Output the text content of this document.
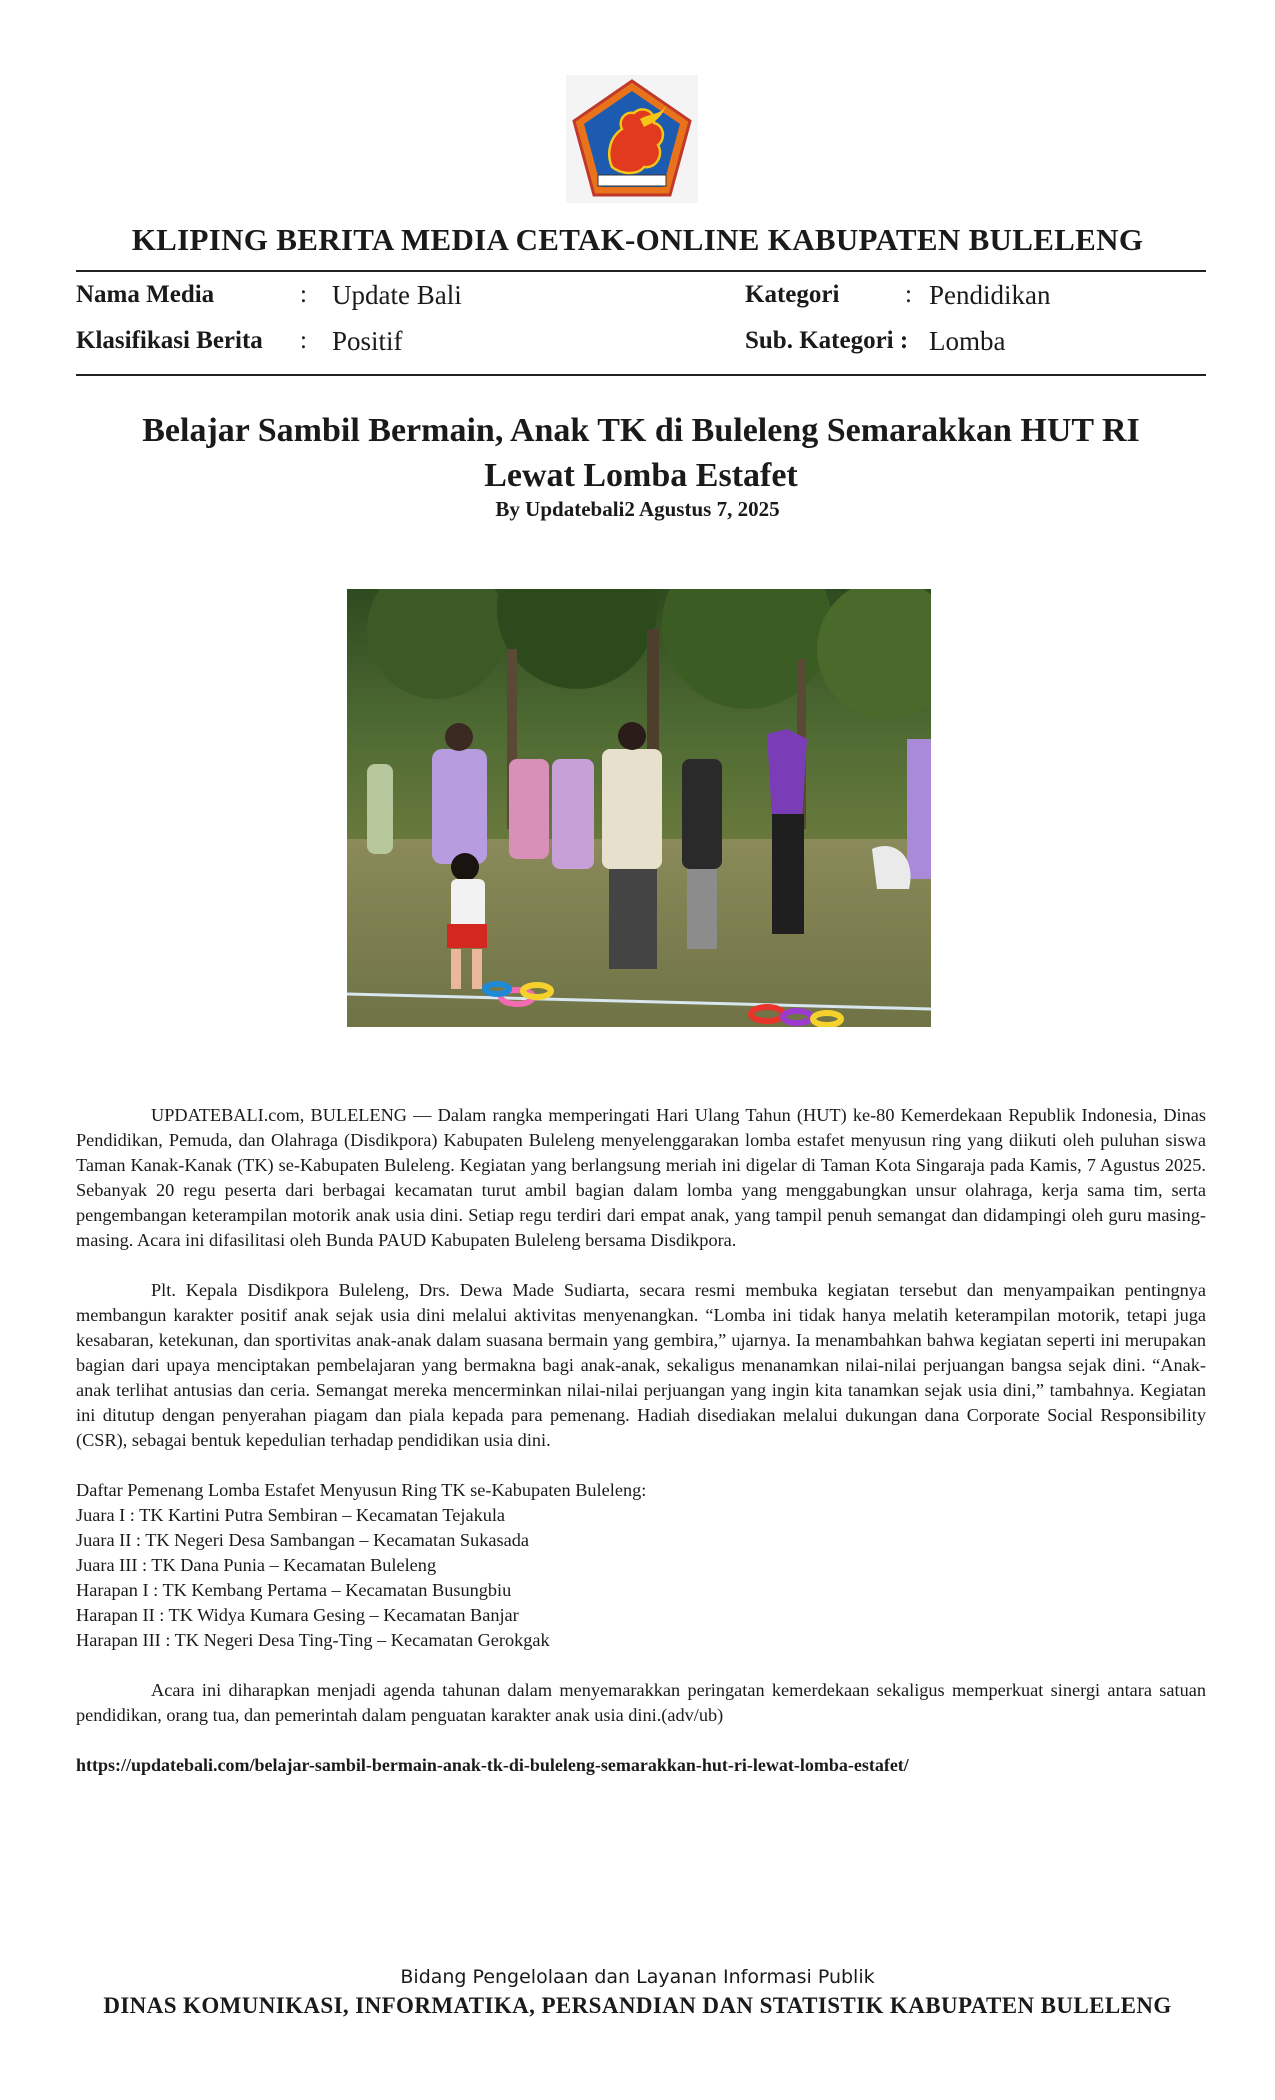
KLIPING BERITA MEDIA CETAK-ONLINE KABUPATEN BULELENG
Nama Media	: Update Bali
Klasifikasi Berita : Positif
Kategori	: Pendidikan
Sub. Kategori : Lomba
Belajar Sambil Bermain, Anak TK di Buleleng Semarakkan HUT RI
Lewat Lomba Estafet
By Updatebali2 Agustus 7, 2025

UPDATEBALI.com, BULELENG — Dalam rangka memperingati Hari Ulang Tahun (HUT) ke-80 Kemerdekaan Republik Indonesia, Dinas Pendidikan, Pemuda, dan Olahraga (Disdikpora) Kabupaten Buleleng menyelenggarakan lomba estafet menyusun ring yang diikuti oleh puluhan siswa Taman Kanak-Kanak (TK) se-Kabupaten Buleleng. Kegiatan yang berlangsung meriah ini digelar di Taman Kota Singaraja pada Kamis, 7 Agustus 2025. Sebanyak 20 regu peserta dari berbagai kecamatan turut ambil bagian dalam lomba yang menggabungkan unsur olahraga, kerja sama tim, serta pengembangan keterampilan motorik anak usia dini. Setiap regu terdiri dari empat anak, yang tampil penuh semangat dan didampingi oleh guru masing-masing. Acara ini difasilitasi oleh Bunda PAUD Kabupaten Buleleng bersama Disdikpora.

Plt. Kepala Disdikpora Buleleng, Drs. Dewa Made Sudiarta, secara resmi membuka kegiatan tersebut dan menyampaikan pentingnya membangun karakter positif anak sejak usia dini melalui aktivitas menyenangkan. “Lomba ini tidak hanya melatih keterampilan motorik, tetapi juga kesabaran, ketekunan, dan sportivitas anak-anak dalam suasana bermain yang gembira,” ujarnya. Ia menambahkan bahwa kegiatan seperti ini merupakan bagian dari upaya menciptakan pembelajaran yang bermakna bagi anak-anak, sekaligus menanamkan nilai-nilai perjuangan bangsa sejak dini. “Anak-anak terlihat antusias dan ceria. Semangat mereka mencerminkan nilai-nilai perjuangan yang ingin kita tanamkan sejak usia dini,” tambahnya. Kegiatan ini ditutup dengan penyerahan piagam dan piala kepada para pemenang. Hadiah disediakan melalui dukungan dana Corporate Social Responsibility (CSR), sebagai bentuk kepedulian terhadap pendidikan usia dini.

Daftar Pemenang Lomba Estafet Menyusun Ring TK se-Kabupaten Buleleng:
Juara I : TK Kartini Putra Sembiran – Kecamatan Tejakula
Juara II : TK Negeri Desa Sambangan – Kecamatan Sukasada
Juara III : TK Dana Punia – Kecamatan Buleleng
Harapan I : TK Kembang Pertama – Kecamatan Busungbiu
Harapan II : TK Widya Kumara Gesing – Kecamatan Banjar
Harapan III : TK Negeri Desa Ting-Ting – Kecamatan Gerokgak

Acara ini diharapkan menjadi agenda tahunan dalam menyemarakkan peringatan kemerdekaan sekaligus memperkuat sinergi antara satuan pendidikan, orang tua, dan pemerintah dalam penguatan karakter anak usia dini.(adv/ub)

https://updatebali.com/belajar-sambil-bermain-anak-tk-di-buleleng-semarakkan-hut-ri-lewat-lomba-estafet/
Bidang Pengelolaan dan Layanan Informasi Publik
DINAS KOMUNIKASI, INFORMATIKA, PERSANDIAN DAN STATISTIK KABUPATEN BULELENG
